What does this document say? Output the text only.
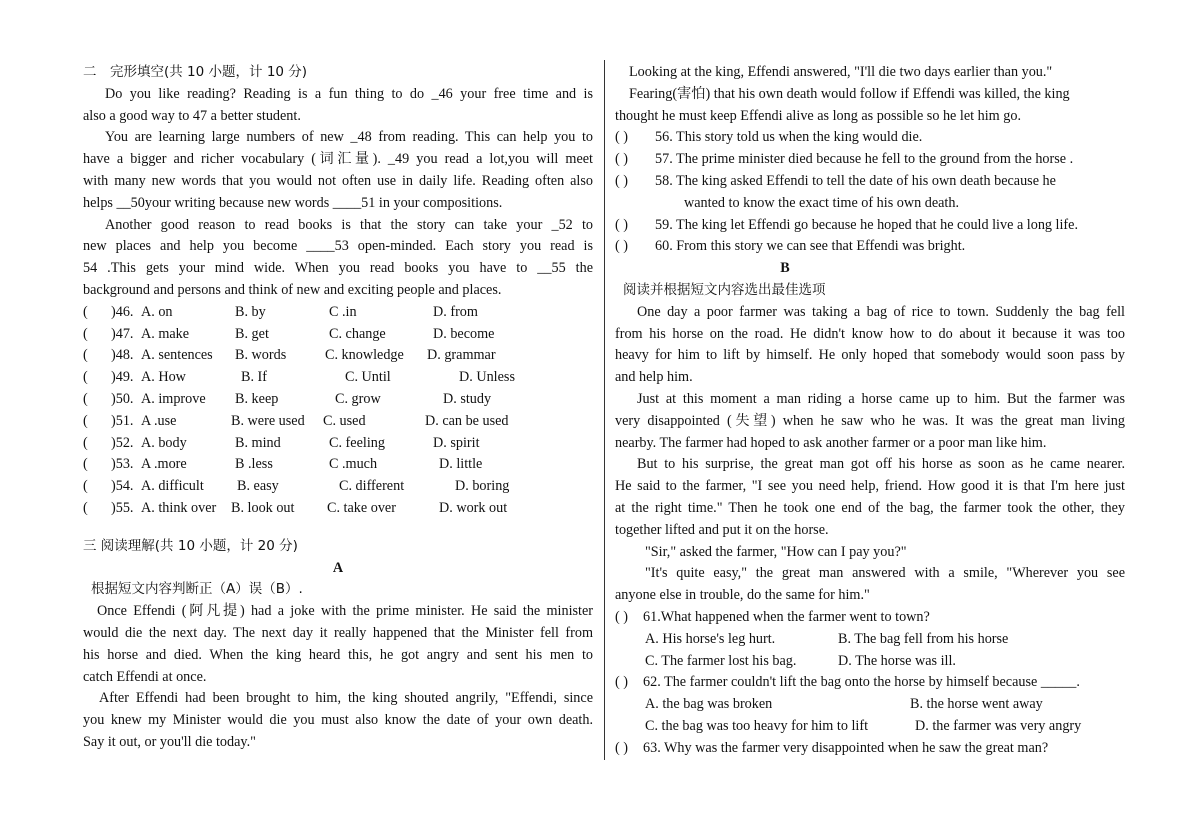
二　完形填空(共 10 小题，计 10 分)
Do you like reading? Reading is a fun thing to do _46 your free time and is
also a good way to 47 a better student.
You are learning large numbers of new _48 from reading. This can help you to
have a bigger and richer vocabulary (词汇量). _49 you read a lot,you will meet
with many new words that you would not often use in daily life. Reading often also
helps __50your writing because new words ____51 in your compositions.
Another good reason to read books is that the story can take your _52 to
new places and help you become ____53 open-minded. Each story you read is
54 .This gets your mind wide. When you read books you have to __55 the
background and persons and think of new and exciting people and places.
(	)46. A. on	B. by	C .in	D. from
(	)47. A. make	B. get	C. change	D. become
(	)48. A. sentences	B. words	C. knowledge	D. grammar
(	)49. A. How	B. If	C. Until	D. Unless
(	)50. A. improve	B. keep	C. grow	D. study
(	)51. A .use	B. were used	C. used	D. can be used
(	)52. A. body	B. mind	C. feeling	D. spirit
(	)53. A .more	B .less	C .much	D. little
(	)54. A. difficult	B. easy	C. different	D. boring
(	)55. A. think over	B. look out	C. take over	D. work out
三 阅读理解(共 10 小题，计 20 分)
A
根据短文内容判断正（A）误（B）.
Once Effendi (阿凡提) had a joke with the prime minister. He said the minister
would die the next day. The next day it really happened that the Minister fell from
his horse and died. When the king heard this, he got angry and sent his men to
catch Effendi at once.
After Effendi had been brought to him, the king shouted angrily, "Effendi, since
you knew my Minister would die you must also know the date of your own death.
Say it out, or you'll die today."
Looking at the king, Effendi answered, "I'll die two days earlier than you."
Fearing(害怕) that his own death would follow if Effendi was killed, the king
thought he must keep Effendi alive as long as possible so he let him go.
( )	56. This story told us when the king would die.
( )	57. The prime minister died because he fell to the ground from the horse .
( )	58. The king asked Effendi to tell the date of his own death because he
wanted to know the exact time of his own death.
( )	59. The king let Effendi go because he hoped that he could live a long life.
( )	60. From this story we can see that Effendi was bright.
B
阅读并根据短文内容选出最佳选项
One day a poor farmer was taking a bag of rice to town. Suddenly the bag fell
from his horse on the road. He didn't know how to do about it because it was too
heavy for him to lift by himself. He only hoped that somebody would soon pass by
and help him.
Just at this moment a man riding a horse came up to him. But the farmer was
very disappointed (失望) when he saw who he was. It was the great man living
nearby. The farmer had hoped to ask another farmer or a poor man like him.
But to his surprise, the great man got off his horse as soon as he came nearer.
He said to the farmer, "I see you need help, friend. How good it is that I'm here just
at the right time." Then he took one end of the bag, the farmer took the other, they
together lifted and put it on the horse.
"Sir," asked the farmer, "How can I pay you?"
"It's quite easy," the great man answered with a smile, "Wherever you see
anyone else in trouble, do the same for him."
( )	61.What happened when the farmer went to town?
A. His horse's leg hurt.	B. The bag fell from his horse
C. The farmer lost his bag.	D. The horse was ill.
( )	62. The farmer couldn't lift the bag onto the horse by himself because _____.
A. the bag was broken	B. the horse went away
C. the bag was too heavy for him to lift	D. the farmer was very angry
( )	63. Why was the farmer very disappointed when he saw the great man?
